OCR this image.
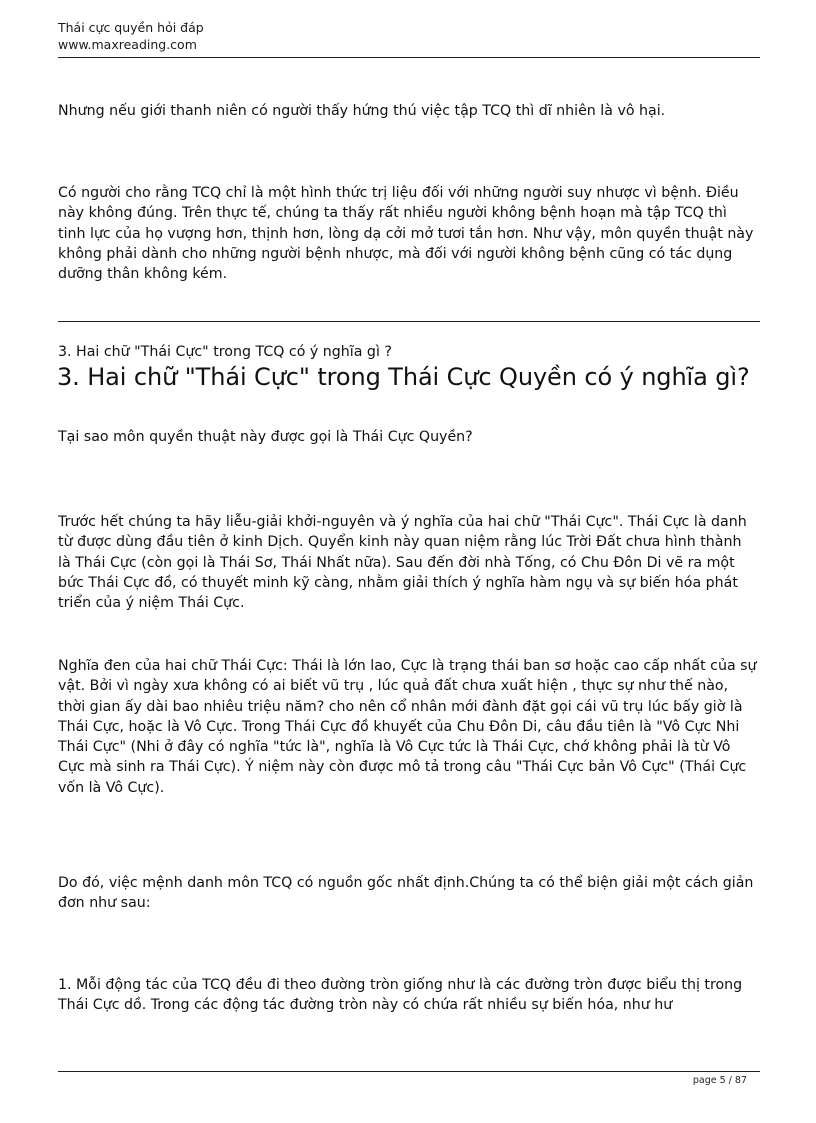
Thái cực quyền hỏi đáp
www.maxreading.com

Nhưng nếu giới thanh niên có người thấy hứng thú việc tập TCQ thì dĩ nhiên là vô hại.

Có người cho rằng TCQ chỉ là một hình thức trị liệu đối với những người suy nhược vì bệnh. Điều này không đúng. Trên thực tế, chúng ta thấy rất nhiều người không bệnh hoạn mà tập TCQ thì tinh lực của họ vượng hơn, thịnh hơn, lòng dạ cởi mở tươi tắn hơn. Như vậy, môn quyền thuật này không phải dành cho những người bệnh nhược, mà đối với người không bệnh cũng có tác dụng dưỡng thân không kém.

3. Hai chữ "Thái Cực" trong TCQ có ý nghĩa gì ?
3. Hai chữ "Thái Cực" trong Thái Cực Quyền có ý nghĩa gì?

Tại sao môn quyền thuật này được gọi là Thái Cực Quyền?

Trước hết chúng ta hãy liễu-giải khởi-nguyên và ý nghĩa của hai chữ "Thái Cực". Thái Cực là danh từ được dùng đầu tiên ở kinh Dịch. Quyển kinh này quan niệm rằng lúc Trời Đất chưa hình thành là Thái Cực (còn gọi là Thái Sơ, Thái Nhất nữa). Sau đến đời nhà Tống, có Chu Đôn Di vẽ ra một bức Thái Cực đồ, có thuyết minh kỹ càng, nhằm giải thích ý nghĩa hàm ngụ và sự biến hóa phát triển của ý niệm Thái Cực.

Nghĩa đen của hai chữ Thái Cực: Thái là lớn lao, Cực là trạng thái ban sơ hoặc cao cấp nhất của sự vật. Bởi vì ngày xưa không có ai biết vũ trụ , lúc quả đất chưa xuất hiện , thực sự như thế nào, thời gian ấy dài bao nhiêu triệu năm? cho nên cổ nhân mới đành đặt gọi cái vũ trụ lúc bấy giờ là Thái Cực, hoặc là Vô Cực. Trong Thái Cực đồ khuyết của Chu Đôn Di, câu đầu tiên là "Vô Cực Nhi Thái Cực" (Nhi ở đây có nghĩa "tức là", nghĩa là Vô Cực tức là Thái Cực, chớ không phải là từ Vô Cực mà sinh ra Thái Cực). Ý niệm này còn được mô tả trong câu "Thái Cực bản Vô Cực" (Thái Cực vốn là Vô Cực).

Do đó, việc mệnh danh môn TCQ có nguồn gốc nhất định.Chúng ta có thể biện giải một cách giản đơn như sau:

1. Mỗi động tác của TCQ đều đi theo đường tròn giống như là các đường tròn được biểu thị trong Thái Cực dồ. Trong các động tác đường tròn này có chứa rất nhiều sự biến hóa, như hư

page 5 / 87
